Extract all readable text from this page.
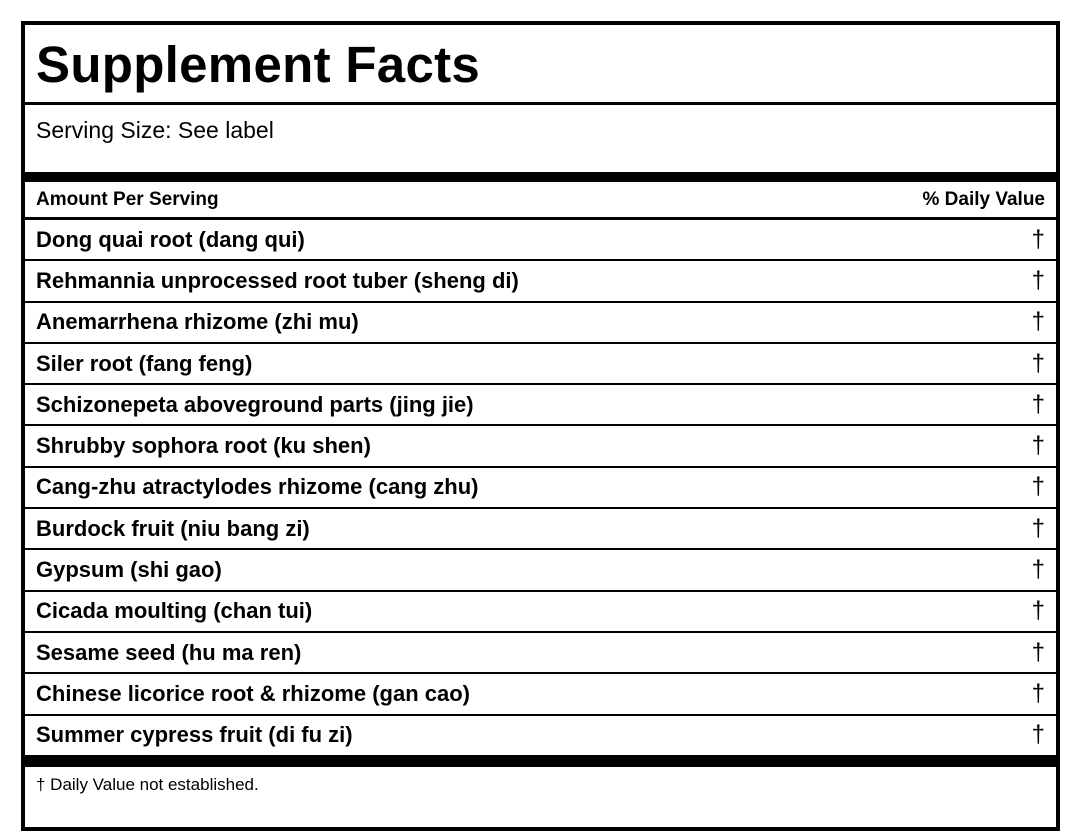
Supplement Facts
Serving Size: See label
Amount Per Serving	% Daily Value
Dong quai root (dang qui)	†
Rehmannia unprocessed root tuber (sheng di)	†
Anemarrhena rhizome (zhi mu)	†
Siler root (fang feng)	†
Schizonepeta aboveground parts (jing jie)	†
Shrubby sophora root (ku shen)	†
Cang-zhu atractylodes rhizome (cang zhu)	†
Burdock fruit (niu bang zi)	†
Gypsum (shi gao)	†
Cicada moulting (chan tui)	†
Sesame seed (hu ma ren)	†
Chinese licorice root & rhizome (gan cao)	†
Summer cypress fruit (di fu zi)	†
† Daily Value not established.
